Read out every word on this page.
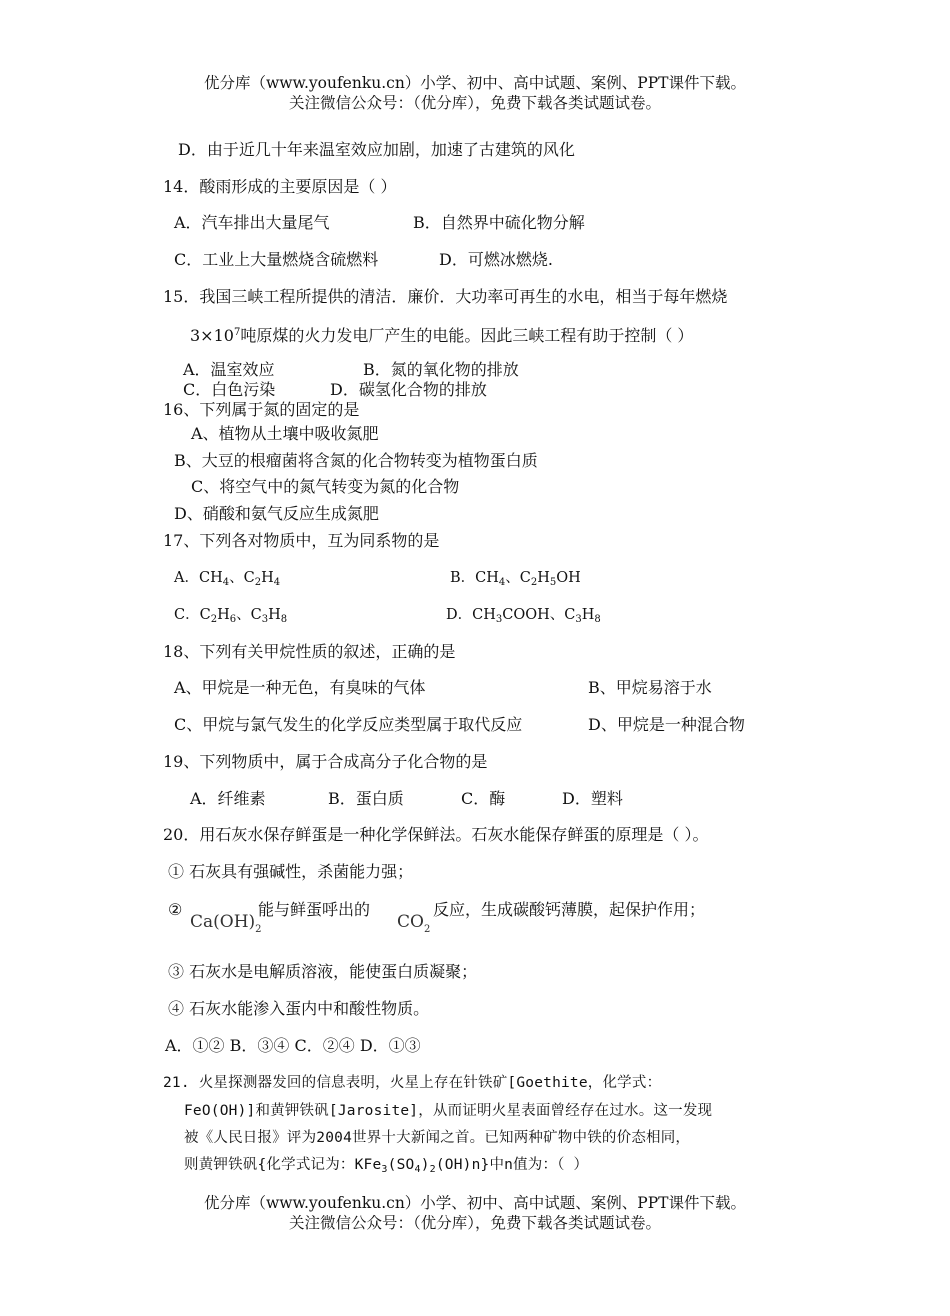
优分库（www.youfenku.cn）小学、初中、高中试题、案例、PPT课件下载。
关注微信公众号：（优分库），免费下载各类试题试卷。
D．由于近几十年来温室效应加剧，加速了古建筑的风化
14．酸雨形成的主要原因是（ ）
A．汽车排出大量尾气	B．自然界中硫化物分解
C．工业上大量燃烧含硫燃料	D．可燃冰燃烧.
15．我国三峡工程所提供的清洁．廉价．大功率可再生的水电，相当于每年燃烧
$3\times 10^7$吨原煤的火力发电厂产生的电能。因此三峡工程有助于控制（ ）
A．温室效应	B．氮的氧化物的排放
C．白色污染	D．碳氢化合物的排放
16、下列属于氮的固定的是
A、植物从土壤中吸收氮肥
B、大豆的根瘤菌将含氮的化合物转变为植物蛋白质
C、将空气中的氮气转变为氮的化合物
D、硝酸和氨气反应生成氮肥
17、下列各对物质中，互为同系物的是
A．$CH_4$、$C_2H_4$	B．$CH_4$、$C_2H_5OH$
C．$C_2H_6$、$C_3H_8$	D．$CH_3COOH$、$C_3H_8$
18、下列有关甲烷性质的叙述，正确的是
A、甲烷是一种无色，有臭味的气体	B、甲烷易溶于水
C、甲烷与氯气发生的化学反应类型属于取代反应	D、甲烷是一种混合物
19、下列物质中，属于合成高分子化合物的是
A．纤维素	B．蛋白质	C．酶	D．塑料
20．用石灰水保存鲜蛋是一种化学保鲜法。石灰水能保存鲜蛋的原理是（ ）。
① 石灰具有强碱性，杀菌能力强；
②
$Ca(OH)_2$
能与鲜蛋呼出的
$CO_2$
反应，生成碳酸钙薄膜，起保护作用；
③ 石灰水是电解质溶液，能使蛋白质凝聚；
④ 石灰水能渗入蛋内中和酸性物质。
A．①② B．③④ C．②④ D．①③
21. 火星探测器发回的信息表明，火星上存在针铁矿[Goethite，化学式：
FeO(OH)]和黄钾铁矾[Jarosite]，从而证明火星表面曾经存在过水。这一发现
被《人民日报》评为2004世界十大新闻之首。已知两种矿物中铁的价态相同，
则黄钾铁矾{化学式记为：$KFe_3(SO_4)_2(OH)n$}中n值为：（ ）
优分库（www.youfenku.cn）小学、初中、高中试题、案例、PPT课件下载。
关注微信公众号：（优分库），免费下载各类试题试卷。
